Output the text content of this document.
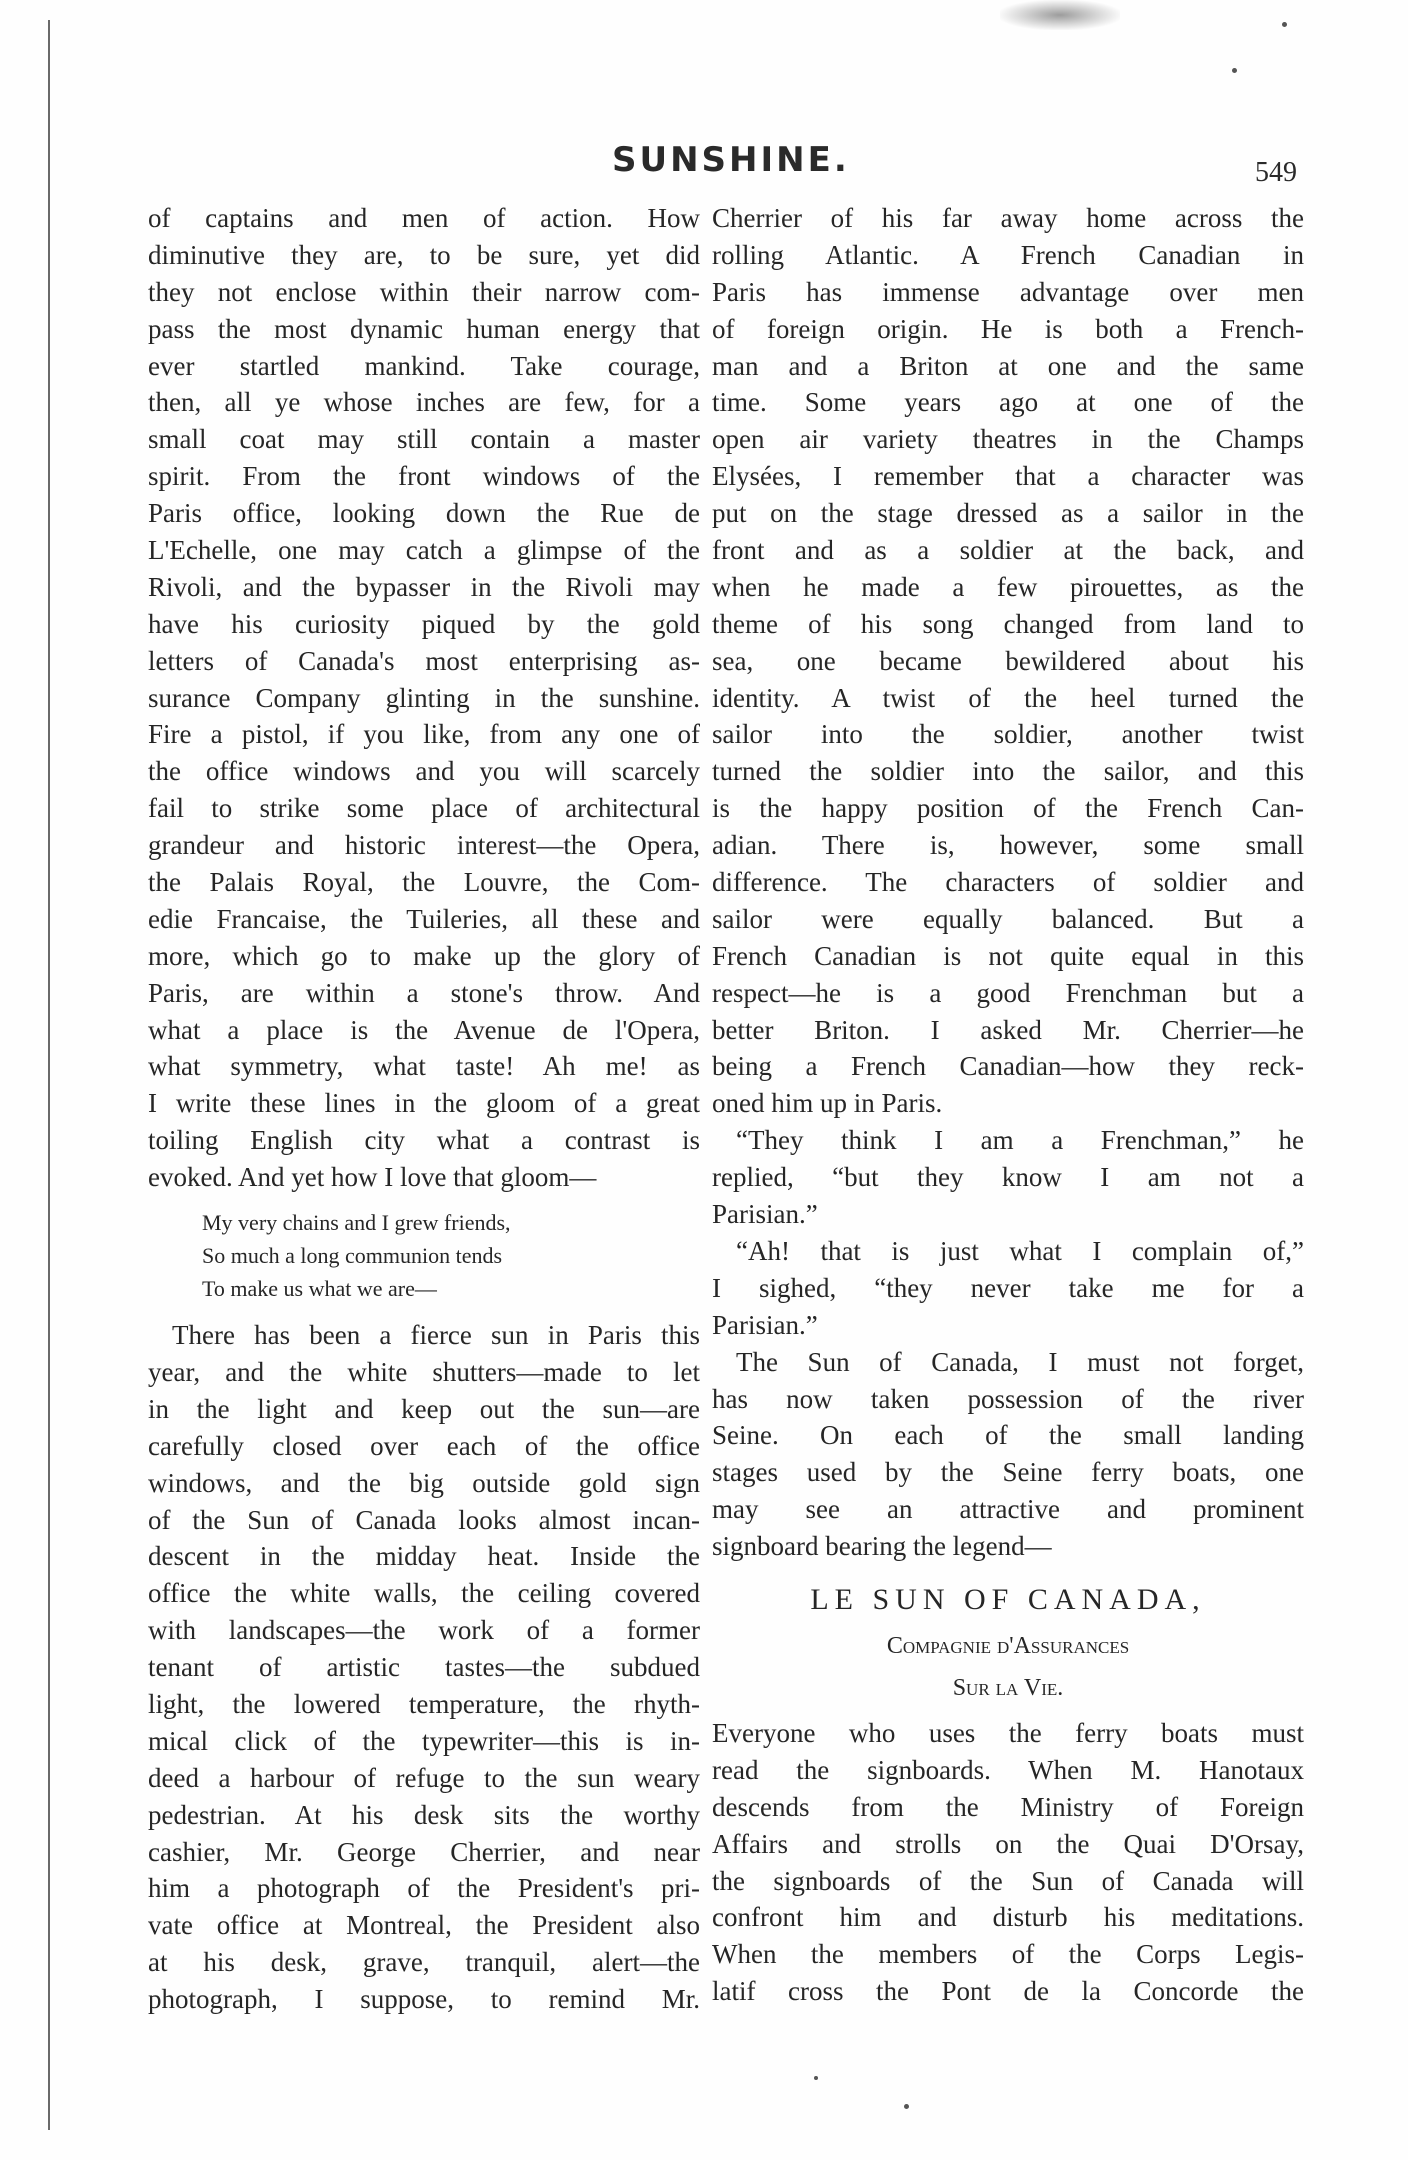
SUNSHINE.	549
of captains and men of action. How
diminutive they are, to be sure, yet did
they not enclose within their narrow com-
pass the most dynamic human energy that
ever startled mankind. Take courage,
then, all ye whose inches are few, for a
small coat may still contain a master
spirit. From the front windows of the
Paris office, looking down the Rue de
L'Echelle, one may catch a glimpse of the
Rivoli, and the bypasser in the Rivoli may
have his curiosity piqued by the gold
letters of Canada's most enterprising as-
surance Company glinting in the sunshine.
Fire a pistol, if you like, from any one of
the office windows and you will scarcely
fail to strike some place of architectural
grandeur and historic interest—the Opera,
the Palais Royal, the Louvre, the Com-
edie Francaise, the Tuileries, all these and
more, which go to make up the glory of
Paris, are within a stone's throw. And
what a place is the Avenue de l'Opera,
what symmetry, what taste! Ah me! as
I write these lines in the gloom of a great
toiling English city what a contrast is
evoked. And yet how I love that gloom—
My very chains and I grew friends,
So much a long communion tends
To make us what we are—
There has been a fierce sun in Paris this
year, and the white shutters—made to let
in the light and keep out the sun—are
carefully closed over each of the office
windows, and the big outside gold sign
of the Sun of Canada looks almost incan-
descent in the midday heat. Inside the
office the white walls, the ceiling covered
with landscapes—the work of a former
tenant of artistic tastes—the subdued
light, the lowered temperature, the rhyth-
mical click of the typewriter—this is in-
deed a harbour of refuge to the sun weary
pedestrian. At his desk sits the worthy
cashier, Mr. George Cherrier, and near
him a photograph of the President's pri-
vate office at Montreal, the President also
at his desk, grave, tranquil, alert—the
photograph, I suppose, to remind Mr.
Cherrier of his far away home across the
rolling Atlantic. A French Canadian in
Paris has immense advantage over men
of foreign origin. He is both a French-
man and a Briton at one and the same
time. Some years ago at one of the
open air variety theatres in the Champs
Elysées, I remember that a character was
put on the stage dressed as a sailor in the
front and as a soldier at the back, and
when he made a few pirouettes, as the
theme of his song changed from land to
sea, one became bewildered about his
identity. A twist of the heel turned the
sailor into the soldier, another twist
turned the soldier into the sailor, and this
is the happy position of the French Can-
adian. There is, however, some small
difference. The characters of soldier and
sailor were equally balanced. But a
French Canadian is not quite equal in this
respect—he is a good Frenchman but a
better Briton. I asked Mr. Cherrier—he
being a French Canadian—how they reck-
oned him up in Paris.
“They think I am a Frenchman,” he
replied, “but they know I am not a
Parisian.”
“Ah! that is just what I complain of,”
I sighed, “they never take me for a
Parisian.”
The Sun of Canada, I must not forget,
has now taken possession of the river
Seine. On each of the small landing
stages used by the Seine ferry boats, one
may see an attractive and prominent
signboard bearing the legend—
LE SUN OF CANADA,
Compagnie d'Assurances
Sur la Vie.
Everyone who uses the ferry boats must
read the signboards. When M. Hanotaux
descends from the Ministry of Foreign
Affairs and strolls on the Quai D'Orsay,
the signboards of the Sun of Canada will
confront him and disturb his meditations.
When the members of the Corps Legis-
latif cross the Pont de la Concorde the
